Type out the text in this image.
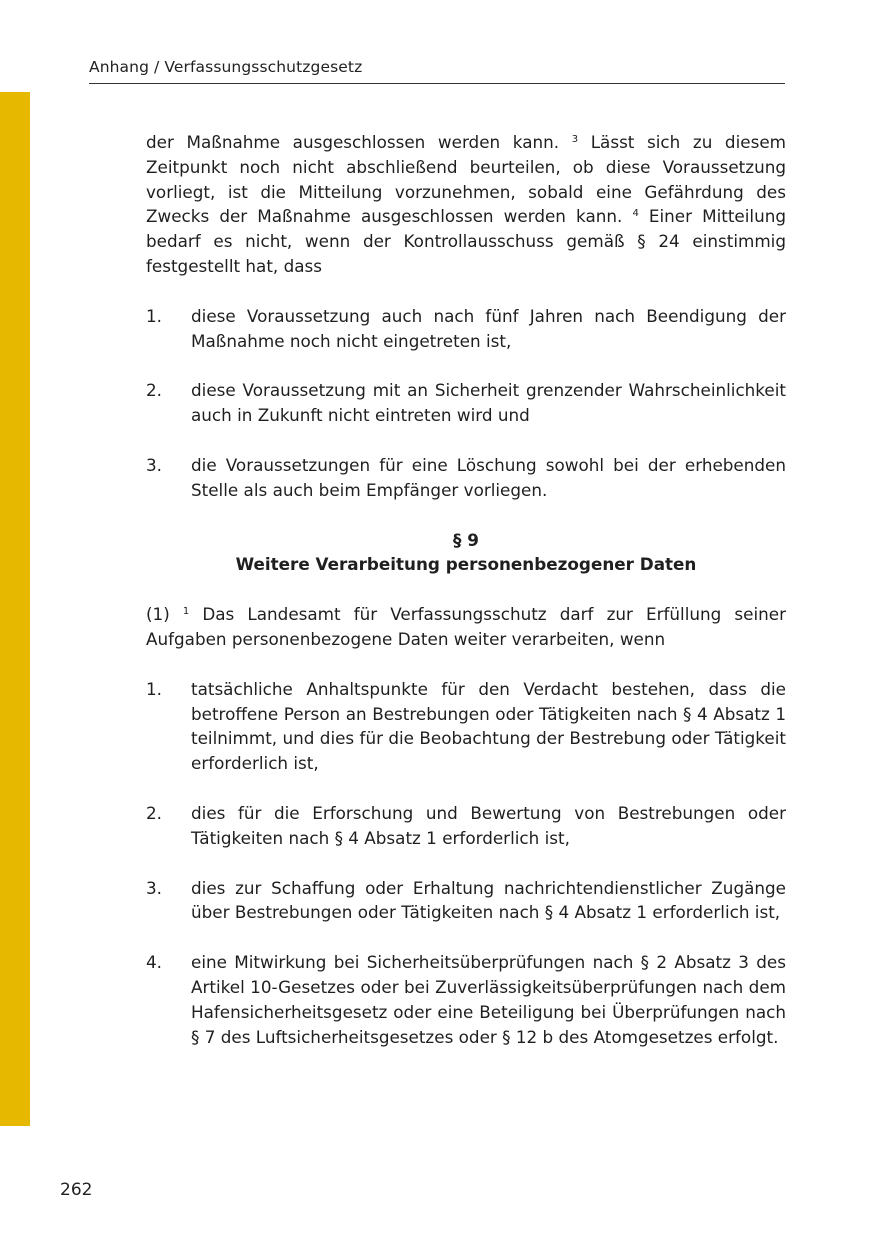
Anhang / Verfassungsschutzgesetz

der Maßnahme ausgeschlossen werden kann. $^3$ Lässt sich zu diesem Zeitpunkt noch nicht abschließend beurteilen, ob diese Voraussetzung vorliegt, ist die Mitteilung vorzunehmen, sobald eine Gefährdung des Zwecks der Maßnahme ausgeschlossen werden kann. $^4$ Einer Mitteilung bedarf es nicht, wenn der Kontrollausschuss gemäß § 24 einstimmig festgestellt hat, dass

1. diese Voraussetzung auch nach fünf Jahren nach Beendigung der Maßnahme noch nicht eingetreten ist,
2. diese Voraussetzung mit an Sicherheit grenzender Wahrscheinlichkeit auch in Zukunft nicht eintreten wird und
3. die Voraussetzungen für eine Löschung sowohl bei der erhebenden Stelle als auch beim Empfänger vorliegen.
§ 9
Weitere Verarbeitung personenbezogener Daten

(1) $^1$ Das Landesamt für Verfassungsschutz darf zur Erfüllung seiner Aufgaben personenbezogene Daten weiter verarbeiten, wenn

1. tatsächliche Anhaltspunkte für den Verdacht bestehen, dass die betroffene Person an Bestrebungen oder Tätigkeiten nach § 4 Absatz 1 teilnimmt, und dies für die Beobachtung der Bestrebung oder Tätigkeit erforderlich ist,
2. dies für die Erforschung und Bewertung von Bestrebungen oder Tätigkeiten nach § 4 Absatz 1 erforderlich ist,
3. dies zur Schaffung oder Erhaltung nachrichtendienstlicher Zugänge über Bestrebungen oder Tätigkeiten nach § 4 Absatz 1 erforderlich ist,
4. eine Mitwirkung bei Sicherheitsüberprüfungen nach § 2 Absatz 3 des Artikel 10-Gesetzes oder bei Zuverlässigkeitsüberprüfungen nach dem Hafensicherheitsgesetz oder eine Beteiligung bei Überprüfungen nach § 7 des Luftsicherheitsgesetzes oder § 12 b des Atomgesetzes erfolgt.
262
